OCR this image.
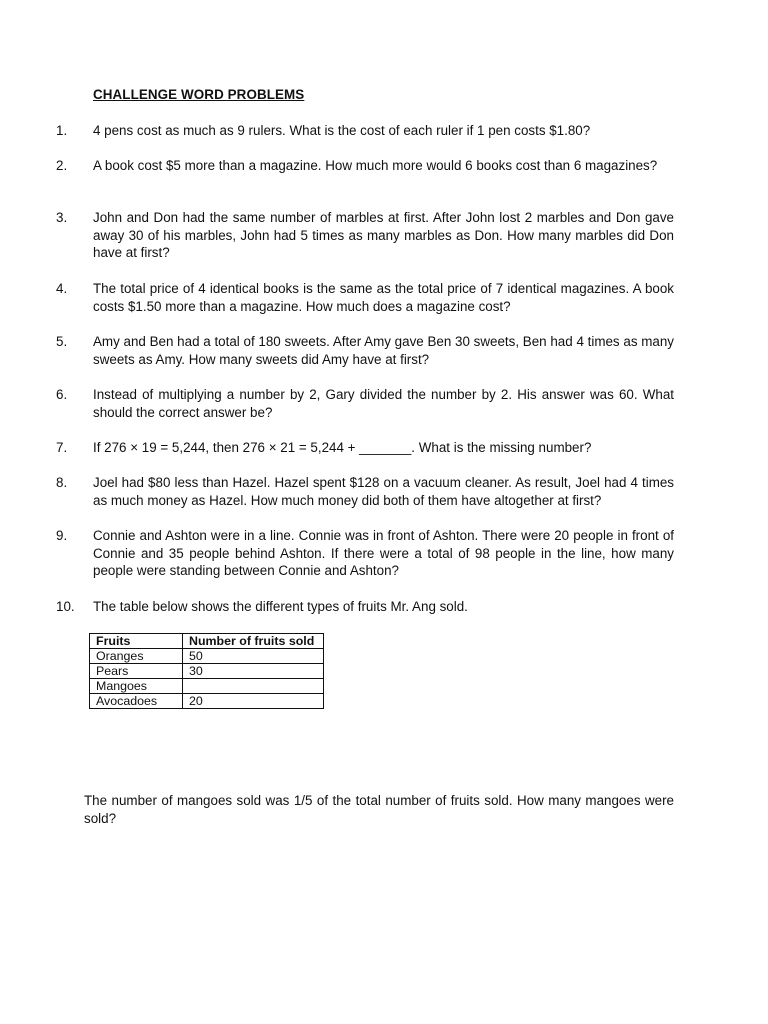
CHALLENGE WORD PROBLEMS
1. 4 pens cost as much as 9 rulers. What is the cost of each ruler if 1 pen costs $1.80?
2. A book cost $5 more than a magazine. How much more would 6 books cost than 6 magazines?
3. John and Don had the same number of marbles at first. After John lost 2 marbles and Don gave away 30 of his marbles, John had 5 times as many marbles as Don. How many marbles did Don have at first?
4. The total price of 4 identical books is the same as the total price of 7 identical magazines. A book costs $1.50 more than a magazine. How much does a magazine cost?
5. Amy and Ben had a total of 180 sweets. After Amy gave Ben 30 sweets, Ben had 4 times as many sweets as Amy. How many sweets did Amy have at first?
6. Instead of multiplying a number by 2, Gary divided the number by 2. His answer was 60. What should the correct answer be?
7. If 276 × 19 = 5,244, then 276 × 21 = 5,244 + _______. What is the missing number?
8. Joel had $80 less than Hazel. Hazel spent $128 on a vacuum cleaner. As result, Joel had 4 times as much money as Hazel. How much money did both of them have altogether at first?
9. Connie and Ashton were in a line. Connie was in front of Ashton. There were 20 people in front of Connie and 35 people behind Ashton. If there were a total of 98 people in the line, how many people were standing between Connie and Ashton?
10. The table below shows the different types of fruits Mr. Ang sold.
Fruits	Number of fruits sold
Oranges	50
Pears	30
Mangoes	
Avocadoes	20
The number of mangoes sold was 1/5 of the total number of fruits sold. How many mangoes were sold?
